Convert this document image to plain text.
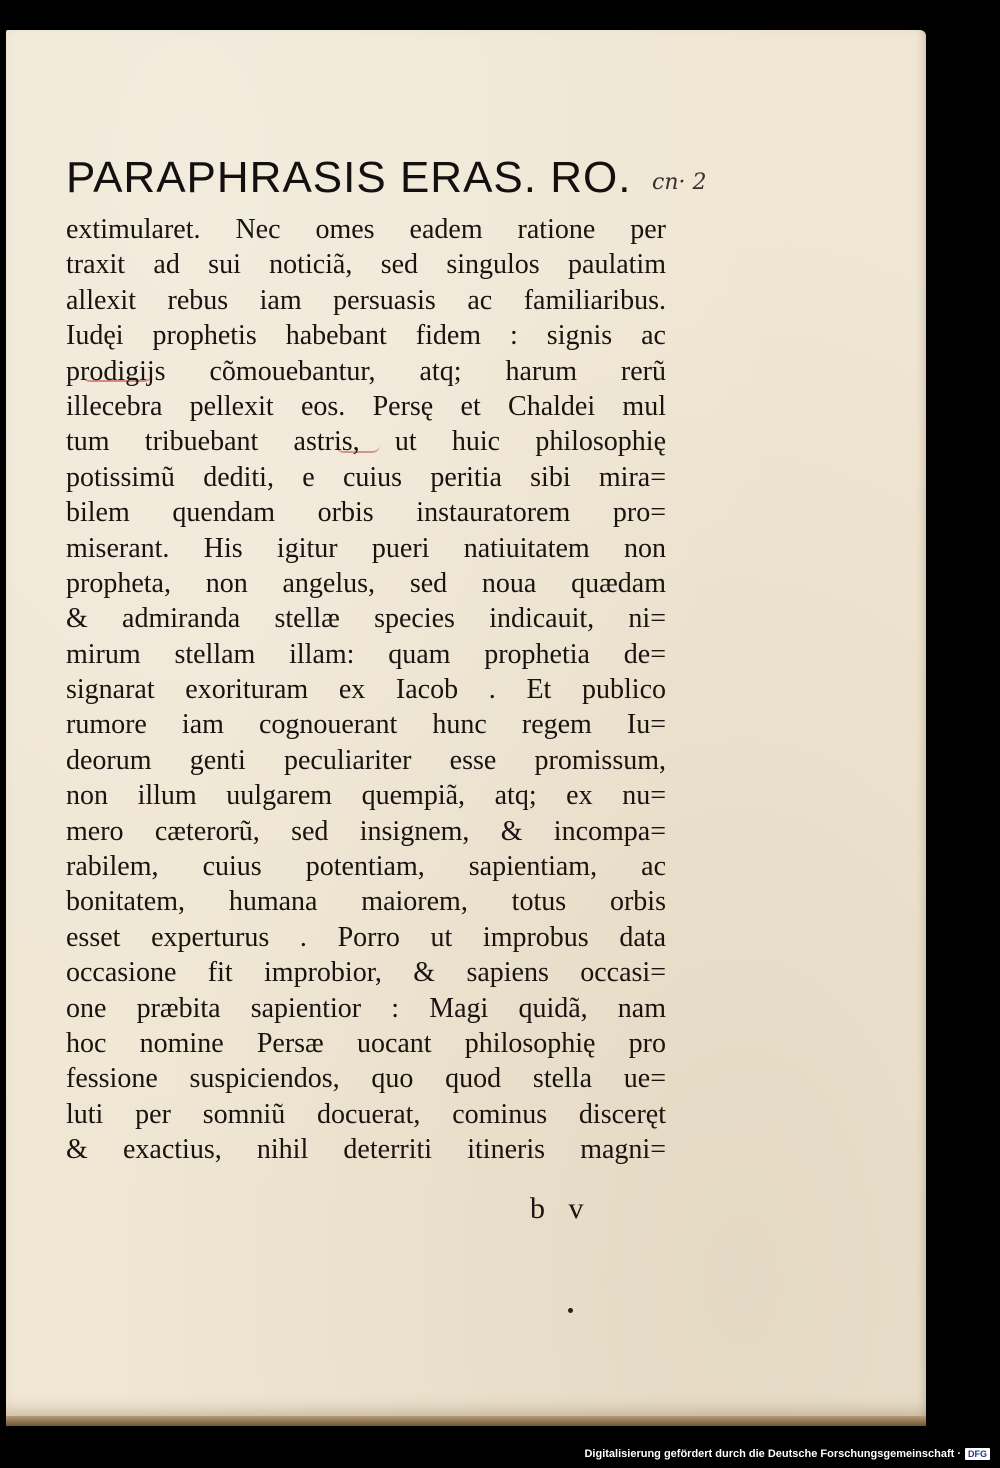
PARAPHRASIS ERAS. RO.
extimularet. Nec omes eadem ratione per
traxit ad sui noticiã, sed singulos paulatim
allexit rebus iam persuasis ac familiaribus.
Iudęi prophetis habebant fidem : signis ac
prodigijs cõmouebantur, atq; harum rerũ
illecebra pellexit eos. Persę et Chaldei mul
tum tribuebant astris, ut huic philosophię
potissimũ dediti, e cuius peritia sibi mira=
bilem quendam orbis instauratorem pro=
miserant. His igitur pueri natiuitatem non
propheta, non angelus, sed noua quædam
& admiranda stellæ species indicauit, ni=
mirum stellam illam: quam prophetia de=
signarat exorituram ex Iacob . Et publico
rumore iam cognouerant hunc regem Iu=
deorum genti peculiariter esse promissum,
non illum uulgarem quempiã, atq; ex nu=
mero cæterorũ, sed insignem, & incompa=
rabilem, cuius potentiam, sapientiam, ac
bonitatem, humana maiorem, totus orbis
esset experturus . Porro ut improbus data
occasione fit improbior, & sapiens occasi=
one præbita sapientior : Magi quidã, nam
hoc nomine Persæ uocant philosophię pro
fessione suspiciendos, quo quod stella ue=
luti per somniũ docuerat, cominus disceręt
& exactius, nihil deterriti itineris magni=
cn· 2
b v
Digitalisierung gefördert durch die Deutsche Forschungsgemeinschaft · DFG
